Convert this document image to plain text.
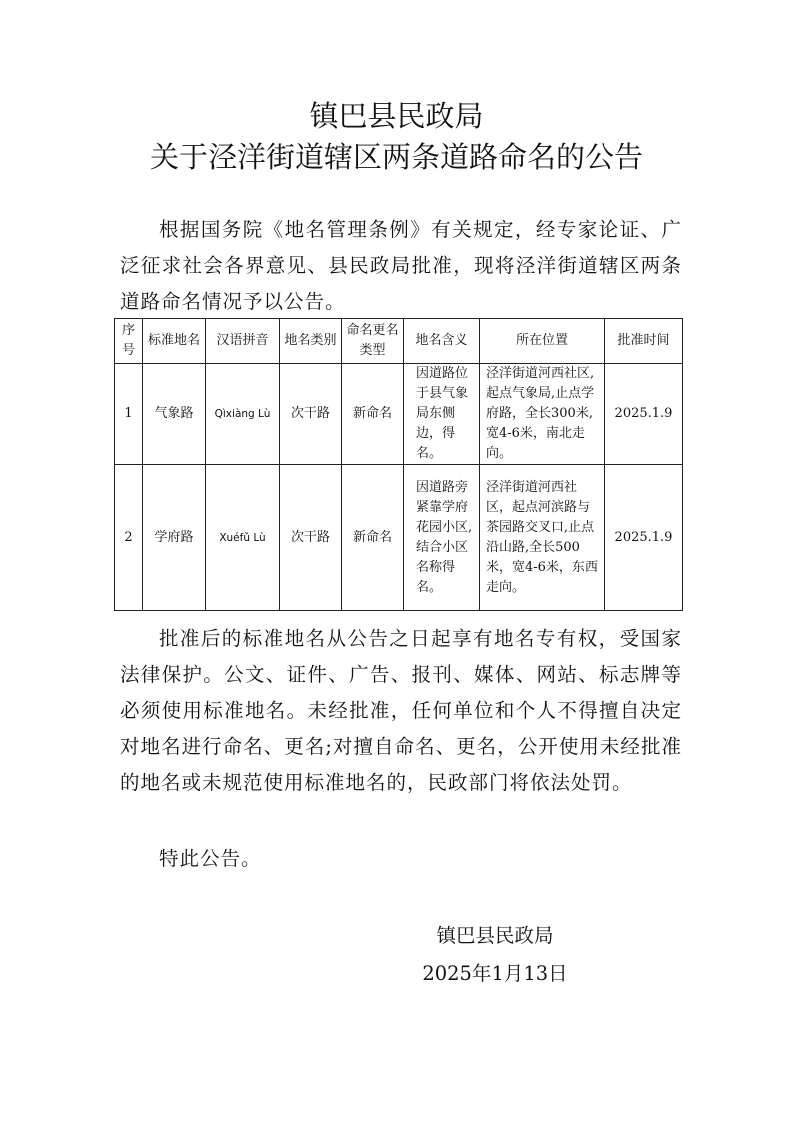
镇巴县民政局
关于泾洋街道辖区两条道路命名的公告

根据国务院《地名管理条例》有关规定，经专家论证、广泛征求社会各界意见、县民政局批准，现将泾洋街道辖区两条道路命名情况予以公告。

序号	标准地名	汉语拼音	地名类别	命名更名类型	地名含义	所在位置	批准时间
1	气象路	Qìxiàng Lù	次干路	新命名	因道路位于县气象局东侧边，得名。	泾洋街道河西社区,起点气象局,止点学府路，全长300米,宽4-6米，南北走向。	2025.1.9
2	学府路	Xuéfǔ Lù	次干路	新命名	因道路旁紧靠学府花园小区,结合小区名称得名。	泾洋街道河西社区，起点河滨路与茶园路交叉口,止点沿山路,全长500米，宽4-6米，东西走向。	2025.1.9

批准后的标准地名从公告之日起享有地名专有权，受国家法律保护。公文、证件、广告、报刊、媒体、网站、标志牌等必须使用标准地名。未经批准，任何单位和个人不得擅自决定对地名进行命名、更名;对擅自命名、更名，公开使用未经批准的地名或未规范使用标准地名的，民政部门将依法处罚。

特此公告。

镇巴县民政局
2025年1月13日
